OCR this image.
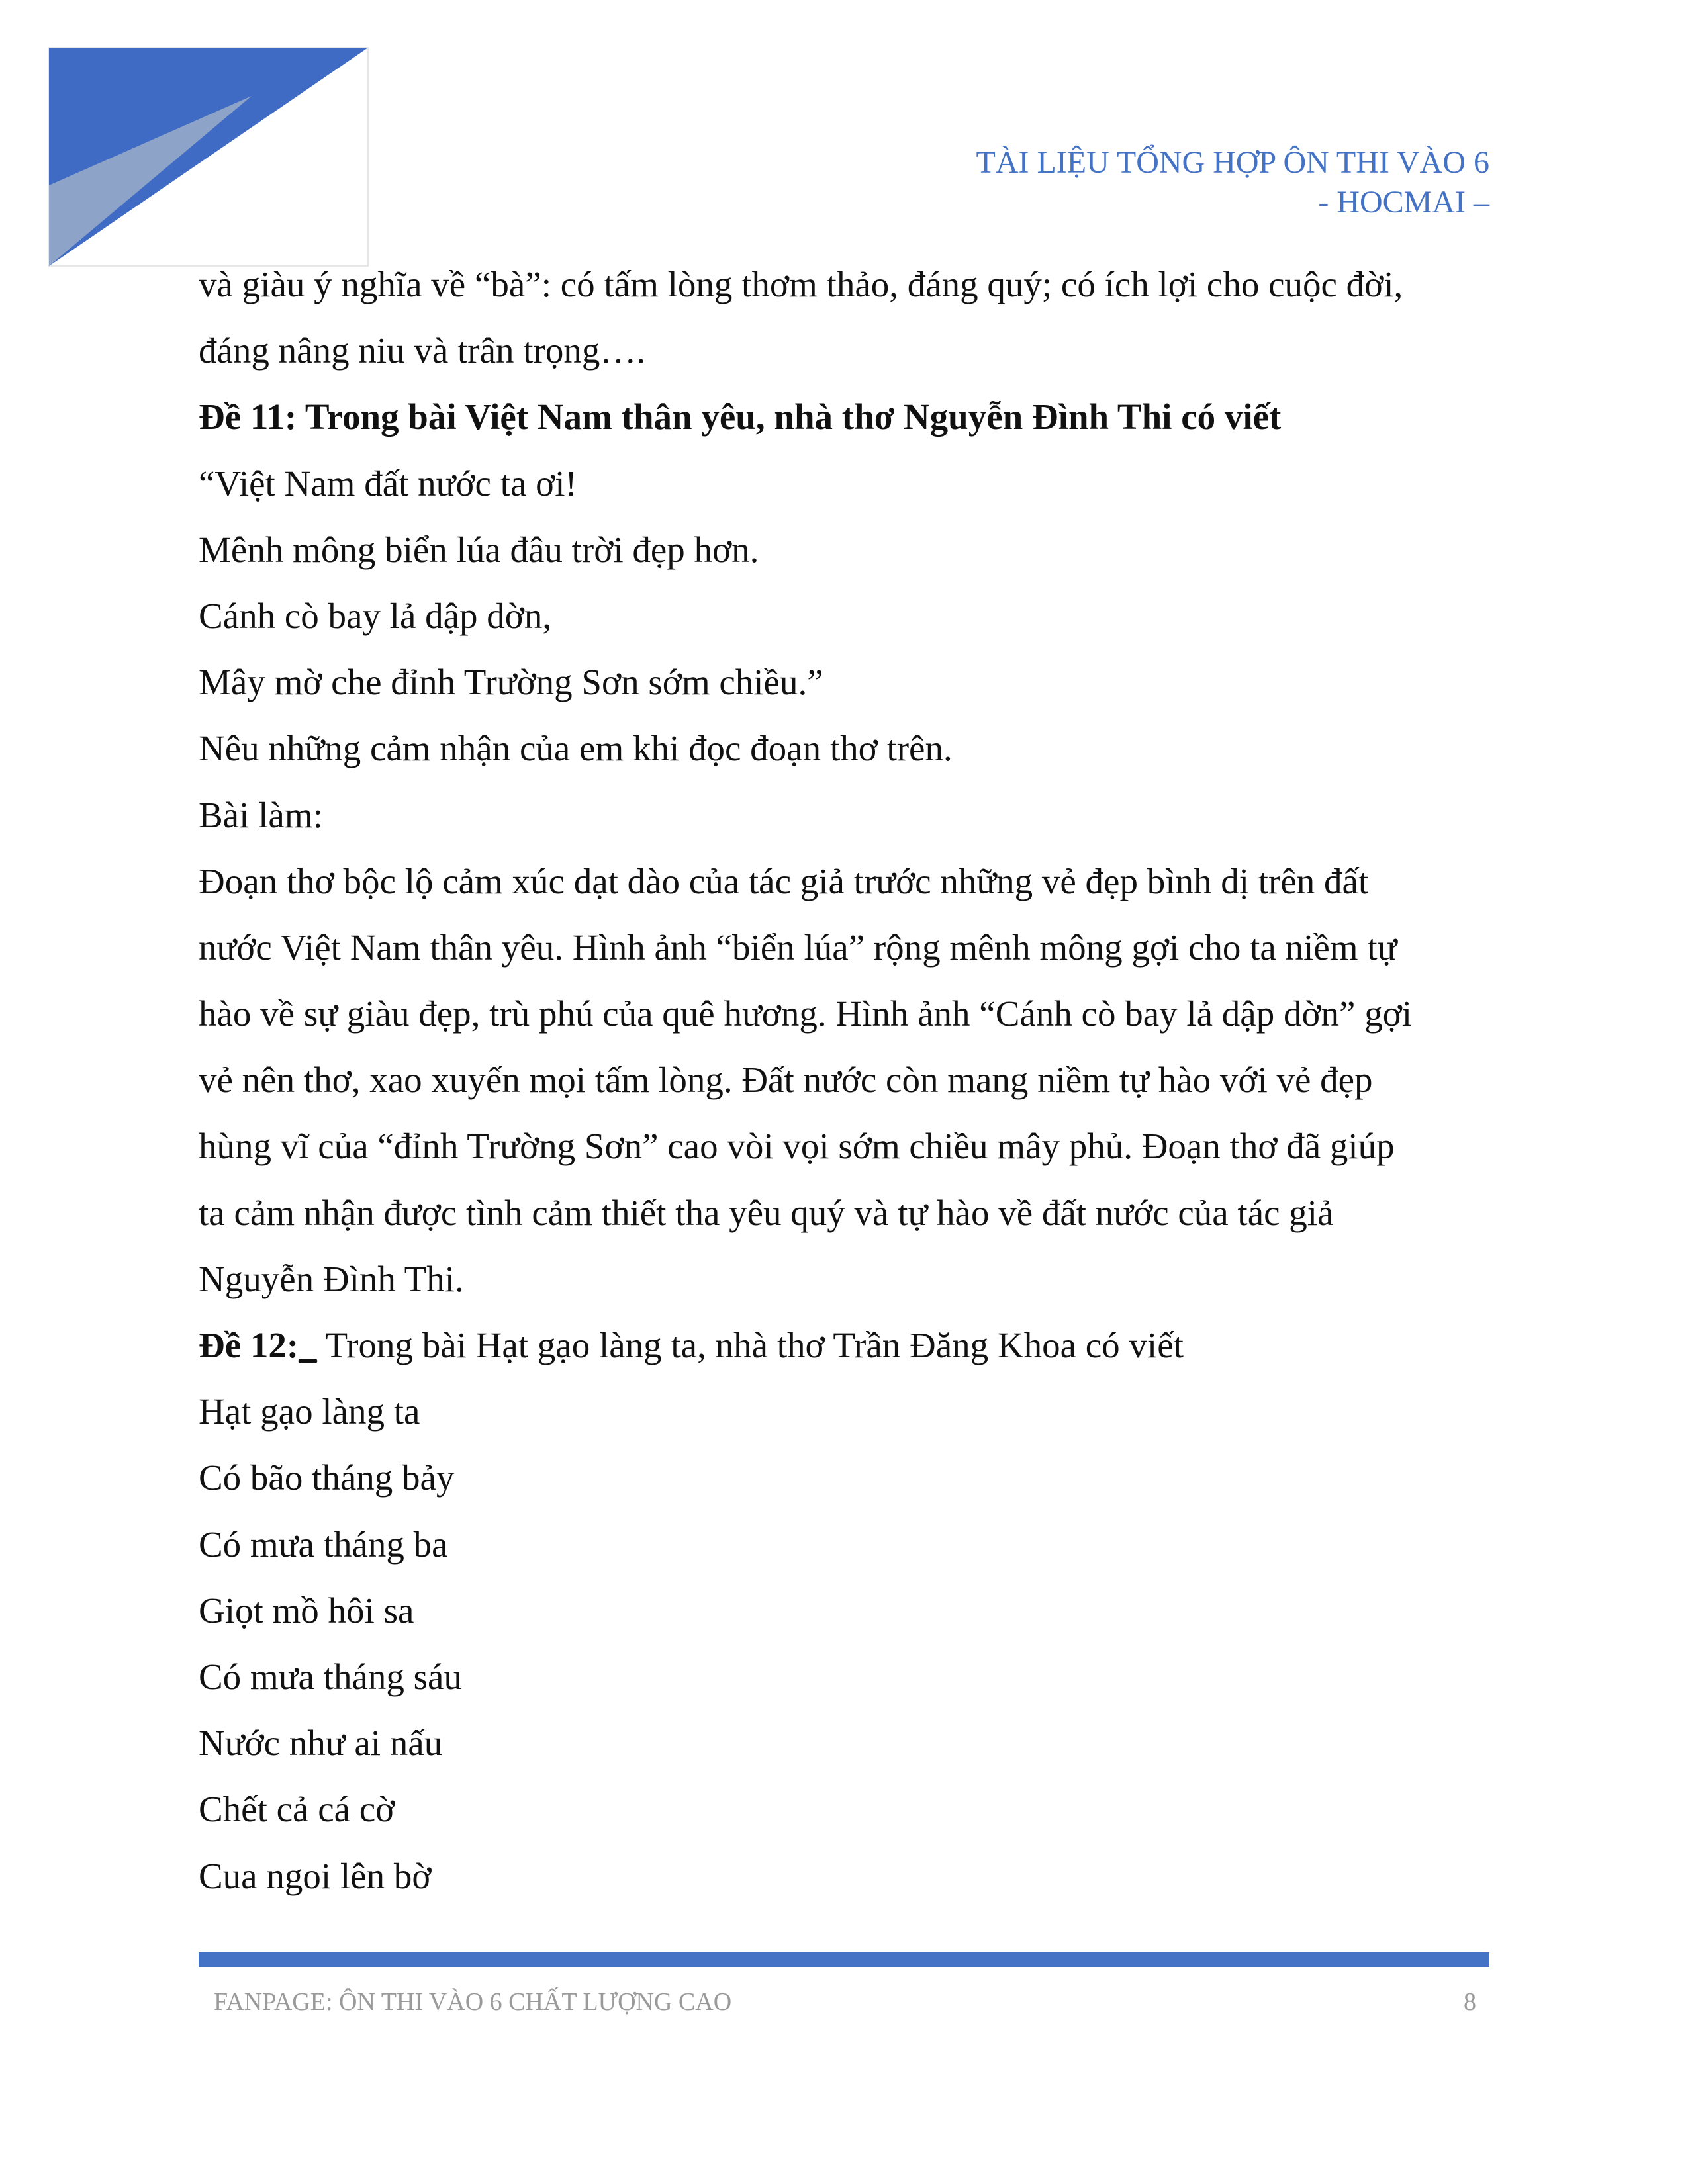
TÀI LIỆU TỔNG HỢP ÔN THI VÀO 6
- HOCMAI –
và giàu ý nghĩa về “bà”: có tấm lòng thơm thảo, đáng quý; có ích lợi cho cuộc đời,
đáng nâng niu và trân trọng….
Đề 11: Trong bài Việt Nam thân yêu, nhà thơ Nguyễn Đình Thi có viết
“Việt Nam đất nước ta ơi!
Mênh mông biển lúa đâu trời đẹp hơn.
Cánh cò bay lả dập dờn,
Mây mờ che đỉnh Trường Sơn sớm chiều.”
Nêu những cảm nhận của em khi đọc đoạn thơ trên.
Bài làm:
Đoạn thơ bộc lộ cảm xúc dạt dào của tác giả trước những vẻ đẹp bình dị trên đất
nước Việt Nam thân yêu. Hình ảnh “biển lúa” rộng mênh mông gợi cho ta niềm tự
hào về sự giàu đẹp, trù phú của quê hương. Hình ảnh “Cánh cò bay lả dập dờn” gợi
vẻ nên thơ, xao xuyến mọi tấm lòng. Đất nước còn mang niềm tự hào với vẻ đẹp
hùng vĩ của “đỉnh Trường Sơn” cao vòi vọi sớm chiều mây phủ. Đoạn thơ đã giúp
ta cảm nhận được tình cảm thiết tha yêu quý và tự hào về đất nước của tác giả
Nguyễn Đình Thi.
Đề 12:_ Trong bài Hạt gạo làng ta, nhà thơ Trần Đăng Khoa có viết
Hạt gạo làng ta
Có bão tháng bảy
Có mưa tháng ba
Giọt mồ hôi sa
Có mưa tháng sáu
Nước như ai nấu
Chết cả cá cờ
Cua ngoi lên bờ
FANPAGE: ÔN THI VÀO 6 CHẤT LƯỢNG CAO	8
